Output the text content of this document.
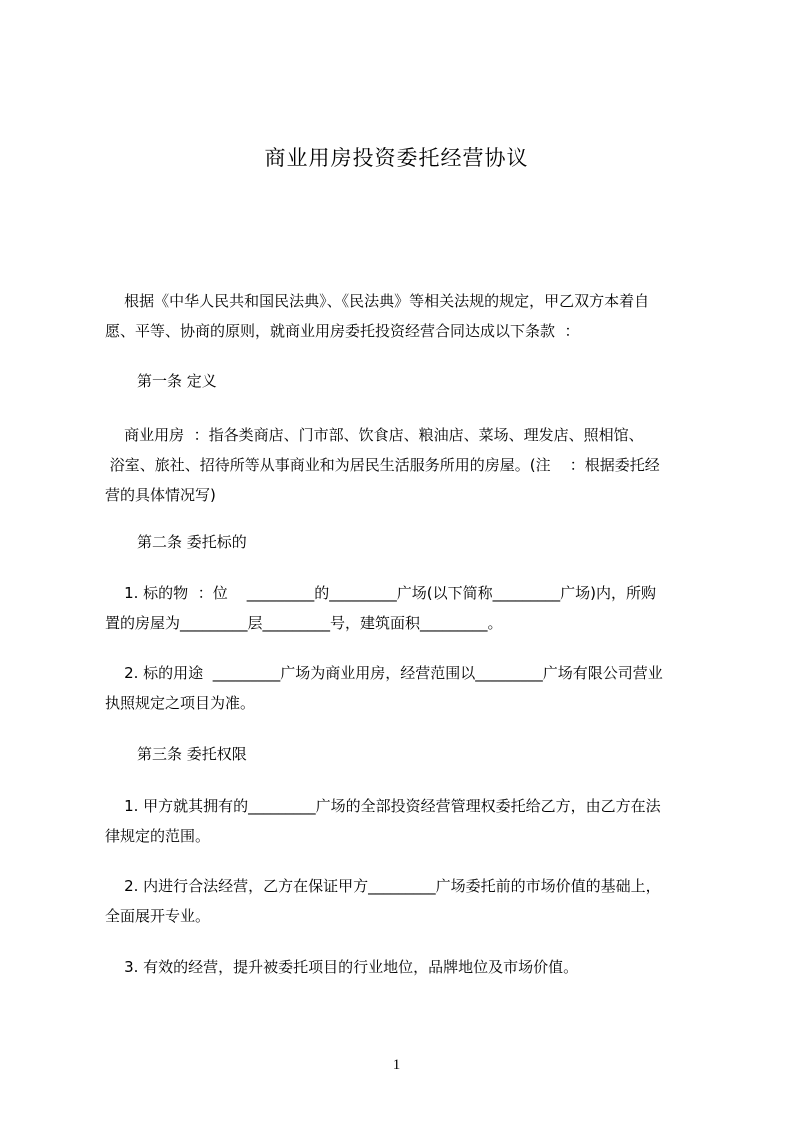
商业用房投资委托经营协议
根据《中华人民共和国民法典》、《民法典》等相关法规的规定，甲乙双方本着自
愿、平等、协商的原则，就商业用房委托投资经营合同达成以下条款  ：
第一条 定义
商业用房  ：指各类商店、门市部、饮食店、粮油店、菜场、理发店、照相馆、
浴室、旅社、招待所等从事商业和为居民生活服务所用的房屋。(注    ：根据委托经
营的具体情况写)
第二条 委托标的
1. 标的物  ：位    _________的_________广场(以下简称_________广场)内，所购
置的房屋为_________层_________号，建筑面积_________。
2. 标的用途  _________广场为商业用房，经营范围以_________广场有限公司营业
执照规定之项目为准。
第三条 委托权限
1. 甲方就其拥有的_________广场的全部投资经营管理权委托给乙方，由乙方在法
律规定的范围。
2. 内进行合法经营，乙方在保证甲方_________广场委托前的市场价值的基础上，
全面展开专业。
3. 有效的经营，提升被委托项目的行业地位，品牌地位及市场价值。
1
